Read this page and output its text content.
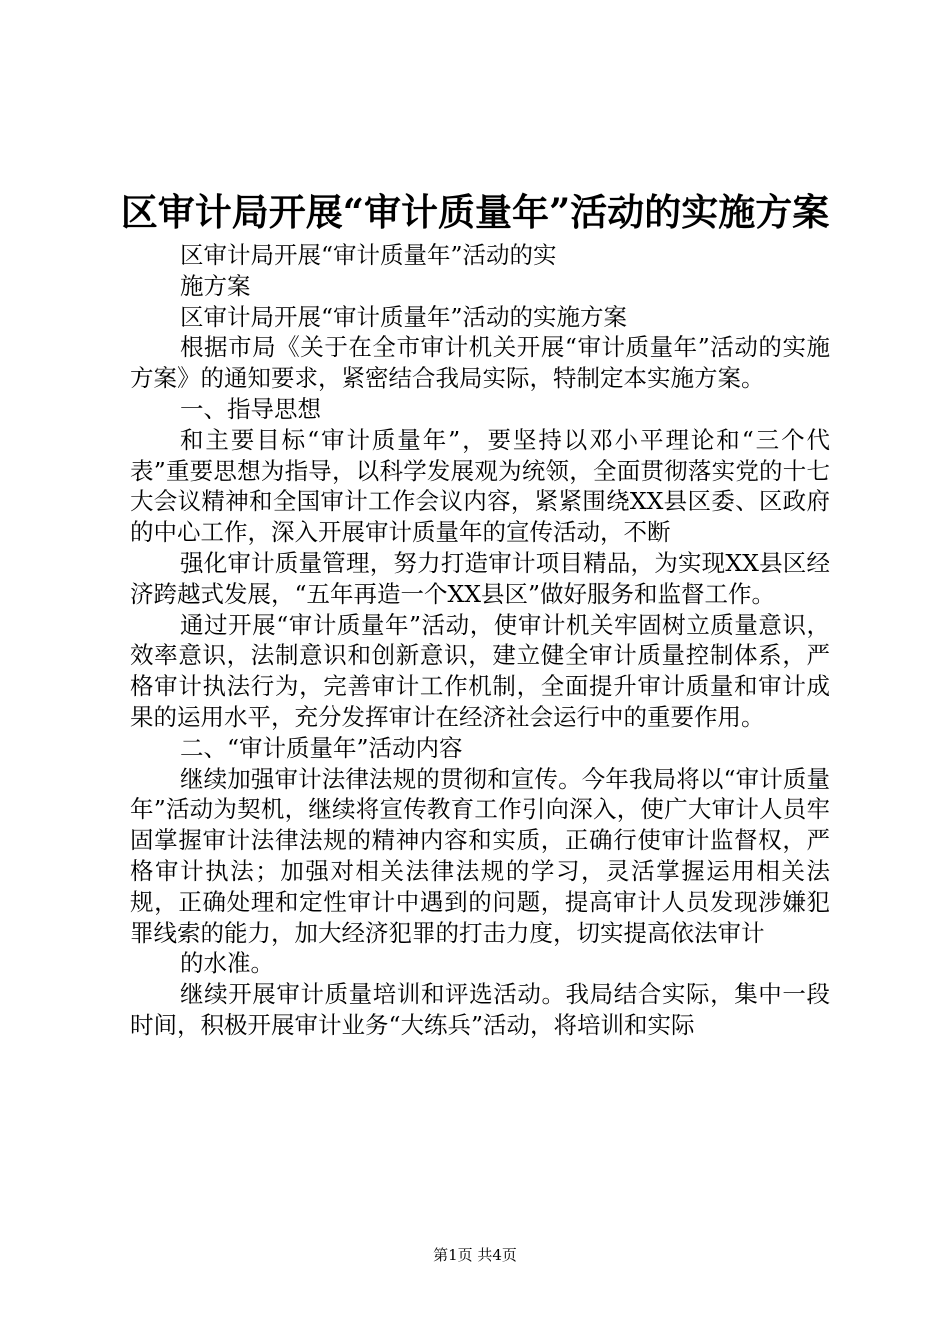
区审计局开展“审计质量年”活动的实施方案

区审计局开展“审计质量年”活动的实

施方案

区审计局开展“审计质量年”活动的实施方案

根据市局《关于在全市审计机关开展“审计质量年”活动的实施方案》的通知要求，紧密结合我局实际，特制定本实施方案。

一、指导思想

和主要目标“审计质量年”，要坚持以邓小平理论和“三个代表”重要思想为指导，以科学发展观为统领，全面贯彻落实党的十七大会议精神和全国审计工作会议内容，紧紧围绕XX县区委、区政府的中心工作，深入开展审计质量年的宣传活动，不断

强化审计质量管理，努力打造审计项目精品，为实现XX县区经济跨越式发展，“五年再造一个XX县区”做好服务和监督工作。

通过开展“审计质量年”活动，使审计机关牢固树立质量意识，效率意识，法制意识和创新意识，建立健全审计质量控制体系，严格审计执法行为，完善审计工作机制，全面提升审计质量和审计成果的运用水平，充分发挥审计在经济社会运行中的重要作用。

二、“审计质量年”活动内容

继续加强审计法律法规的贯彻和宣传。今年我局将以“审计质量年”活动为契机，继续将宣传教育工作引向深入，使广大审计人员牢固掌握审计法律法规的精神内容和实质，正确行使审计监督权，严格审计执法；加强对相关法律法规的学习，灵活掌握运用相关法规，正确处理和定性审计中遇到的问题，提高审计人员发现涉嫌犯罪线索的能力，加大经济犯罪的打击力度，切实提高依法审计

的水准。

继续开展审计质量培训和评选活动。我局结合实际，集中一段时间，积极开展审计业务“大练兵”活动，将培训和实际

第1页 共4页
